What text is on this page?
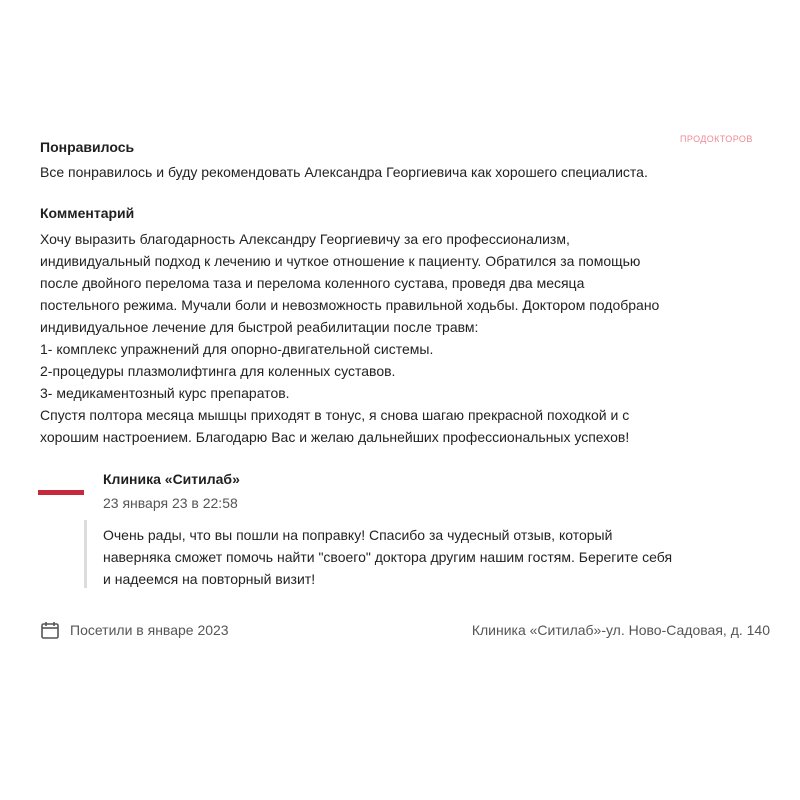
ПРОДОКТОРОВ
Понравилось
Все понравилось и буду рекомендовать Александра Георгиевича как хорошего специалиста.
Комментарий
Хочу выразить благодарность Александру Георгиевичу за его профессионализм,
индивидуальный подход к лечению и чуткое отношение к пациенту. Обратился за помощью
после двойного перелома таза и перелома коленного сустава, проведя два месяца
постельного режима. Мучали боли и невозможность правильной ходьбы. Доктором подобрано
индивидуальное лечение для быстрой реабилитации после травм:
1- комплекс упражнений для опорно-двигательной системы.
2-процедуры плазмолифтинга для коленных суставов.
3- медикаментозный курс препаратов.
Спустя полтора месяца мышцы приходят в тонус, я снова шагаю прекрасной походкой и с
хорошим настроением. Благодарю Вас и желаю дальнейших профессиональных успехов!
Клиника «Ситилаб»
23 января 23 в 22:58
Очень рады, что вы пошли на поправку! Спасибо за чудесный отзыв, который
наверняка сможет помочь найти "своего" доктора другим нашим гостям. Берегите себя
и надеемся на повторный визит!
Посетили в январе 2023	Клиника «Ситилаб»-ул. Ново-Садовая, д. 140
